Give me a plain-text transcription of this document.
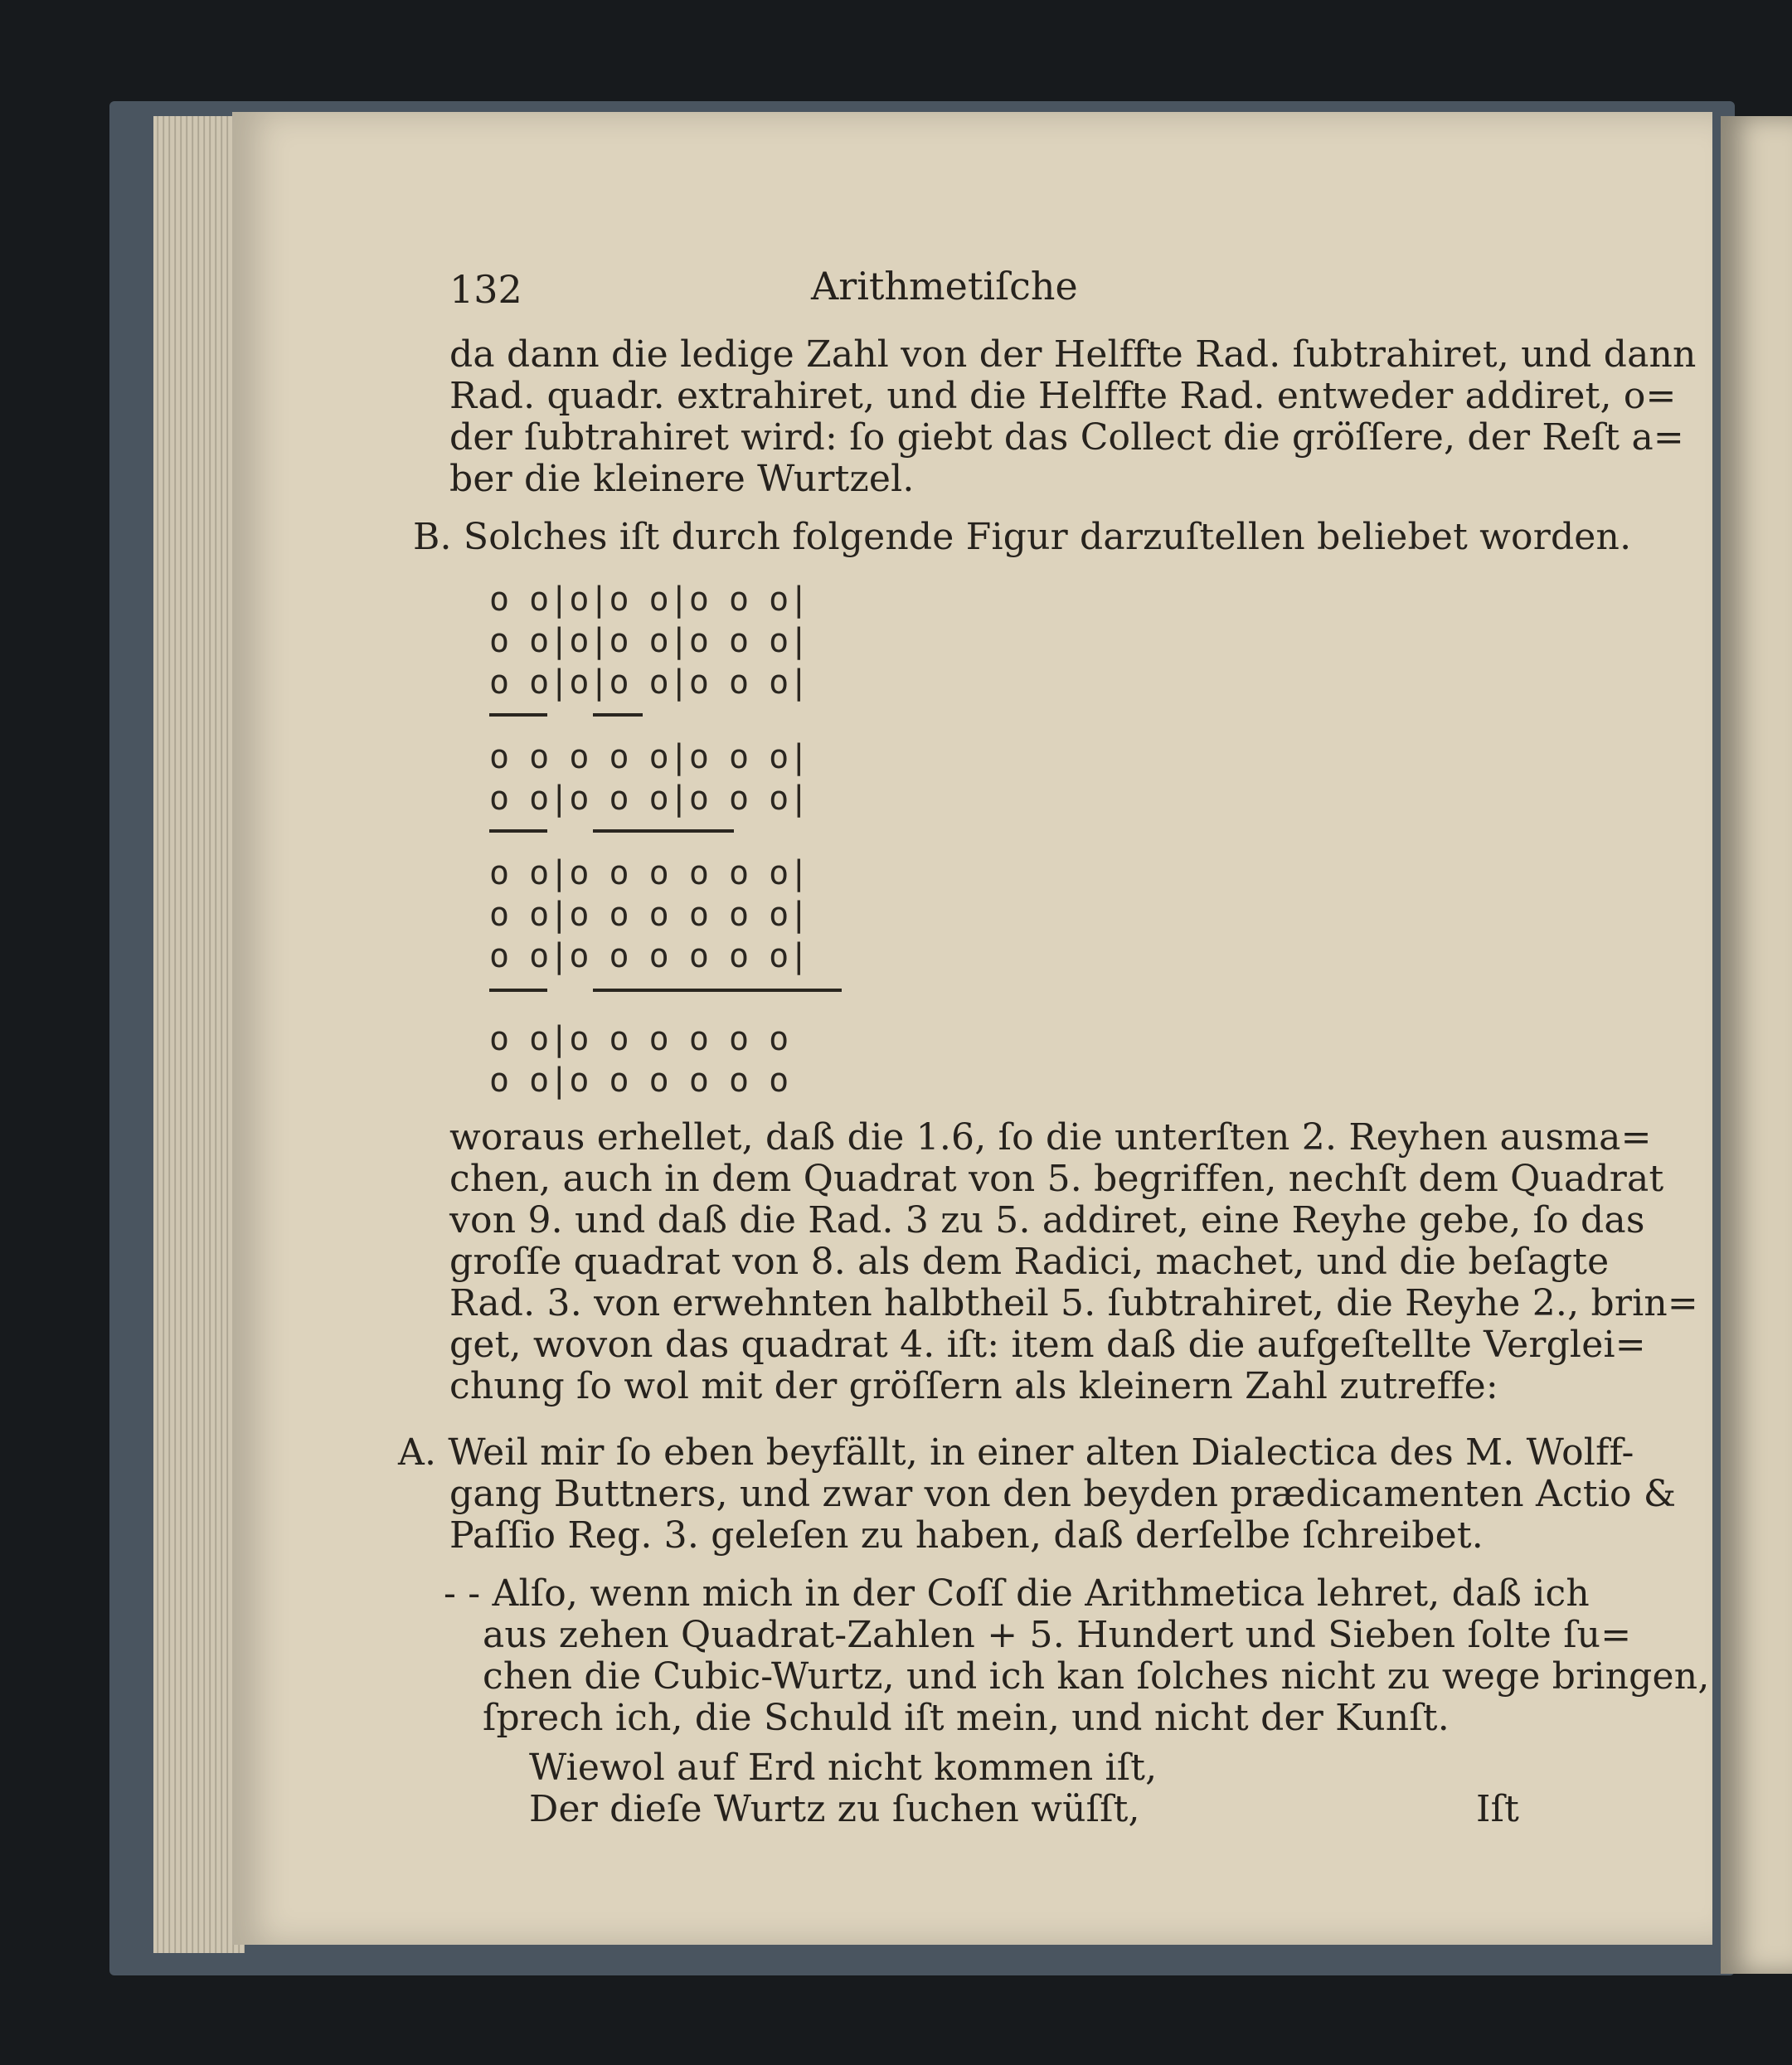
132	Arithmetiſche
da dann die ledige Zahl von der Helffte Rad. ſubtrahiret, und dann
Rad. quadr. extrahiret, und die Helffte Rad. entweder addiret, o=
der ſubtrahiret wird: ſo giebt das Collect die gröſſere, der Reſt a=
ber die kleinere Wurtzel.
B. Solches iſt durch folgende Figur darzuſtellen beliebet worden.
o o|o|o o|o o o|
o o|o|o o|o o o|
o o|o|o o|o o o|
o o o o o|o o o|
o o|o o o|o o o|
o o|o o o o o o|
o o|o o o o o o|
o o|o o o o o o|
o o|o o o o o o
o o|o o o o o o
woraus erhellet, daß die 1.6, ſo die unterſten 2. Reyhen ausma=
chen, auch in dem Quadrat von 5. begriffen, nechſt dem Quadrat
von 9. und daß die Rad. 3 zu 5. addiret, eine Reyhe gebe, ſo das
groſſe quadrat von 8. als dem Radici, machet, und die beſagte
Rad. 3. von erwehnten halbtheil 5. ſubtrahiret, die Reyhe 2., brin=
get, wovon das quadrat 4. iſt: item daß die aufgeſtellte Verglei=
chung ſo wol mit der gröſſern als kleinern Zahl zutreffe:
A. Weil mir ſo eben beyfällt, in einer alten Dialectica des M. Wolff-
gang Buttners, und zwar von den beyden prædicamenten Actio &
Paſſio Reg. 3. geleſen zu haben, daß derſelbe ſchreibet.
- - Alſo, wenn mich in der Coſſ die Arithmetica lehret, daß ich
aus zehen Quadrat-Zahlen + 5. Hundert und Sieben ſolte ſu=
chen die Cubic-Wurtz, und ich kan ſolches nicht zu wege bringen,
ſprech ich, die Schuld iſt mein, und nicht der Kunſt.
Wiewol auf Erd nicht kommen iſt,
Der dieſe Wurtz zu ſuchen wüſſt,	Iſt
